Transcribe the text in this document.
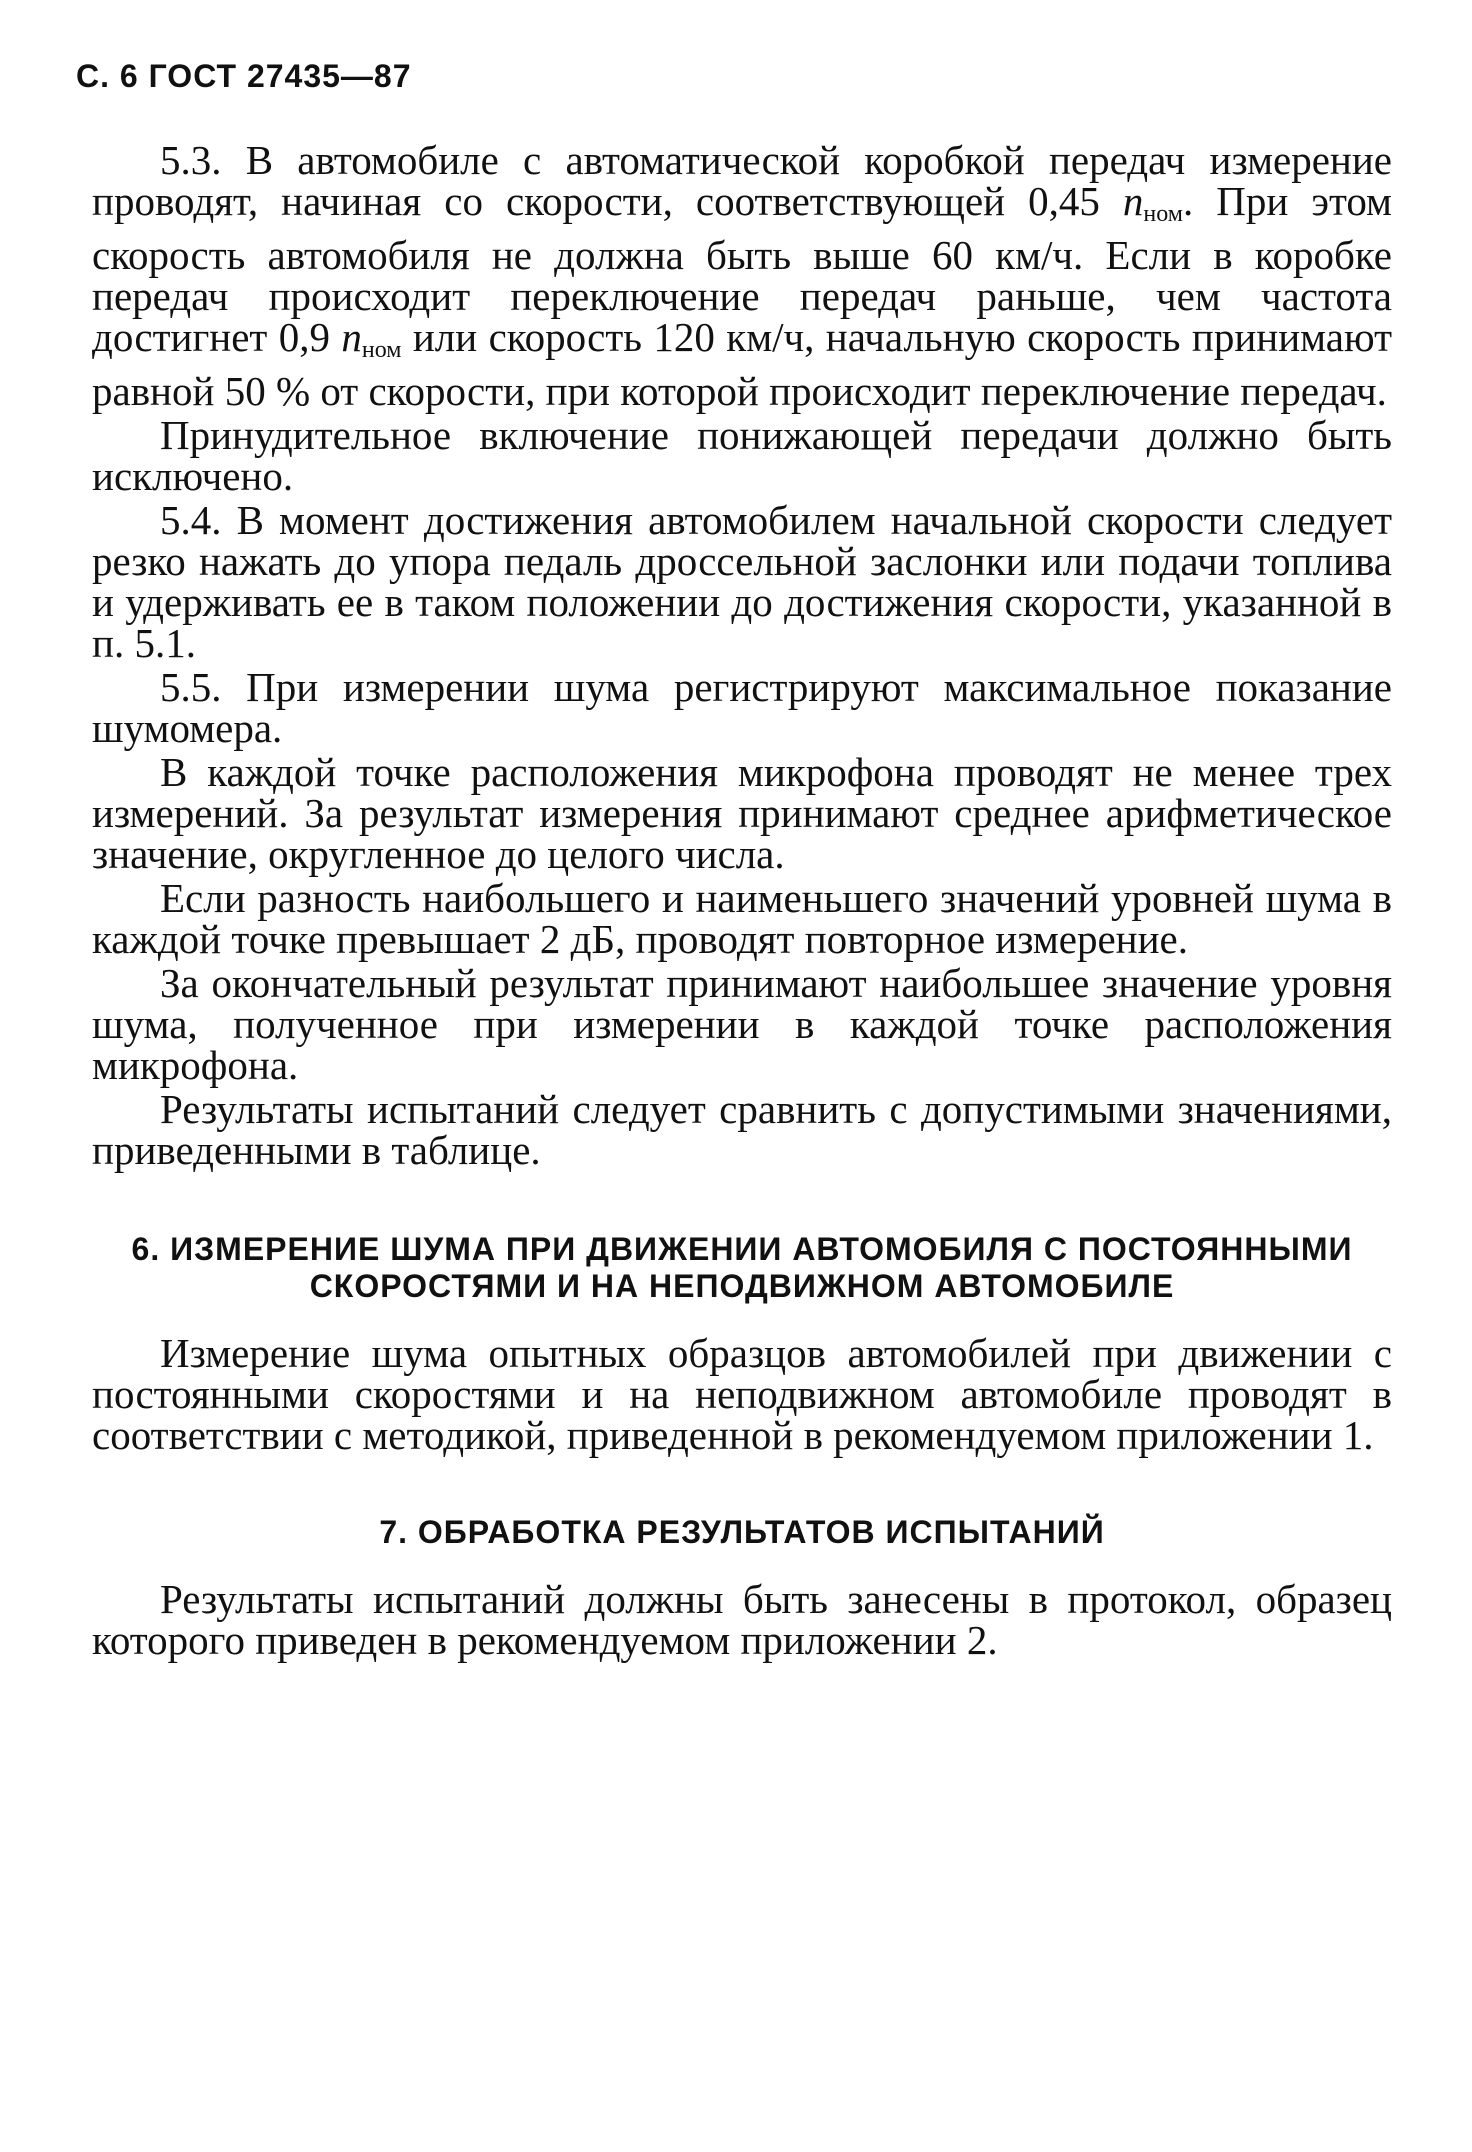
С. 6 ГОСТ 27435—87

5.3. В автомобиле с автоматической коробкой передач измерение проводят, начиная со скорости, соответствующей 0,45 $n_{ном}$. При этом скорость автомобиля не должна быть выше 60 км/ч. Если в коробке передач происходит переключение передач раньше, чем частота достигнет 0,9 $n_{ном}$ или скорость 120 км/ч, начальную скорость принимают равной 50 % от скорости, при которой происходит переключение передач.

Принудительное включение понижающей передачи должно быть исключено.

5.4. В момент достижения автомобилем начальной скорости следует резко нажать до упора педаль дроссельной заслонки или подачи топлива и удерживать ее в таком положении до достижения скорости, указанной в п. 5.1.

5.5. При измерении шума регистрируют максимальное показание шумомера.

В каждой точке расположения микрофона проводят не менее трех измерений. За результат измерения принимают среднее арифметическое значение, округленное до целого числа.

Если разность наибольшего и наименьшего значений уровней шума в каждой точке превышает 2 дБ, проводят повторное измерение.

За окончательный результат принимают наибольшее значение уровня шума, полученное при измерении в каждой точке расположения микрофона.

Результаты испытаний следует сравнить с допустимыми значениями, приведенными в таблице.

6. ИЗМЕРЕНИЕ ШУМА ПРИ ДВИЖЕНИИ АВТОМОБИЛЯ С ПОСТОЯННЫМИ СКОРОСТЯМИ И НА НЕПОДВИЖНОМ АВТОМОБИЛЕ

Измерение шума опытных образцов автомобилей при движении с постоянными скоростями и на неподвижном автомобиле проводят в соответствии с методикой, приведенной в рекомендуемом приложении 1.

7. ОБРАБОТКА РЕЗУЛЬТАТОВ ИСПЫТАНИЙ

Результаты испытаний должны быть занесены в протокол, образец которого приведен в рекомендуемом приложении 2.
